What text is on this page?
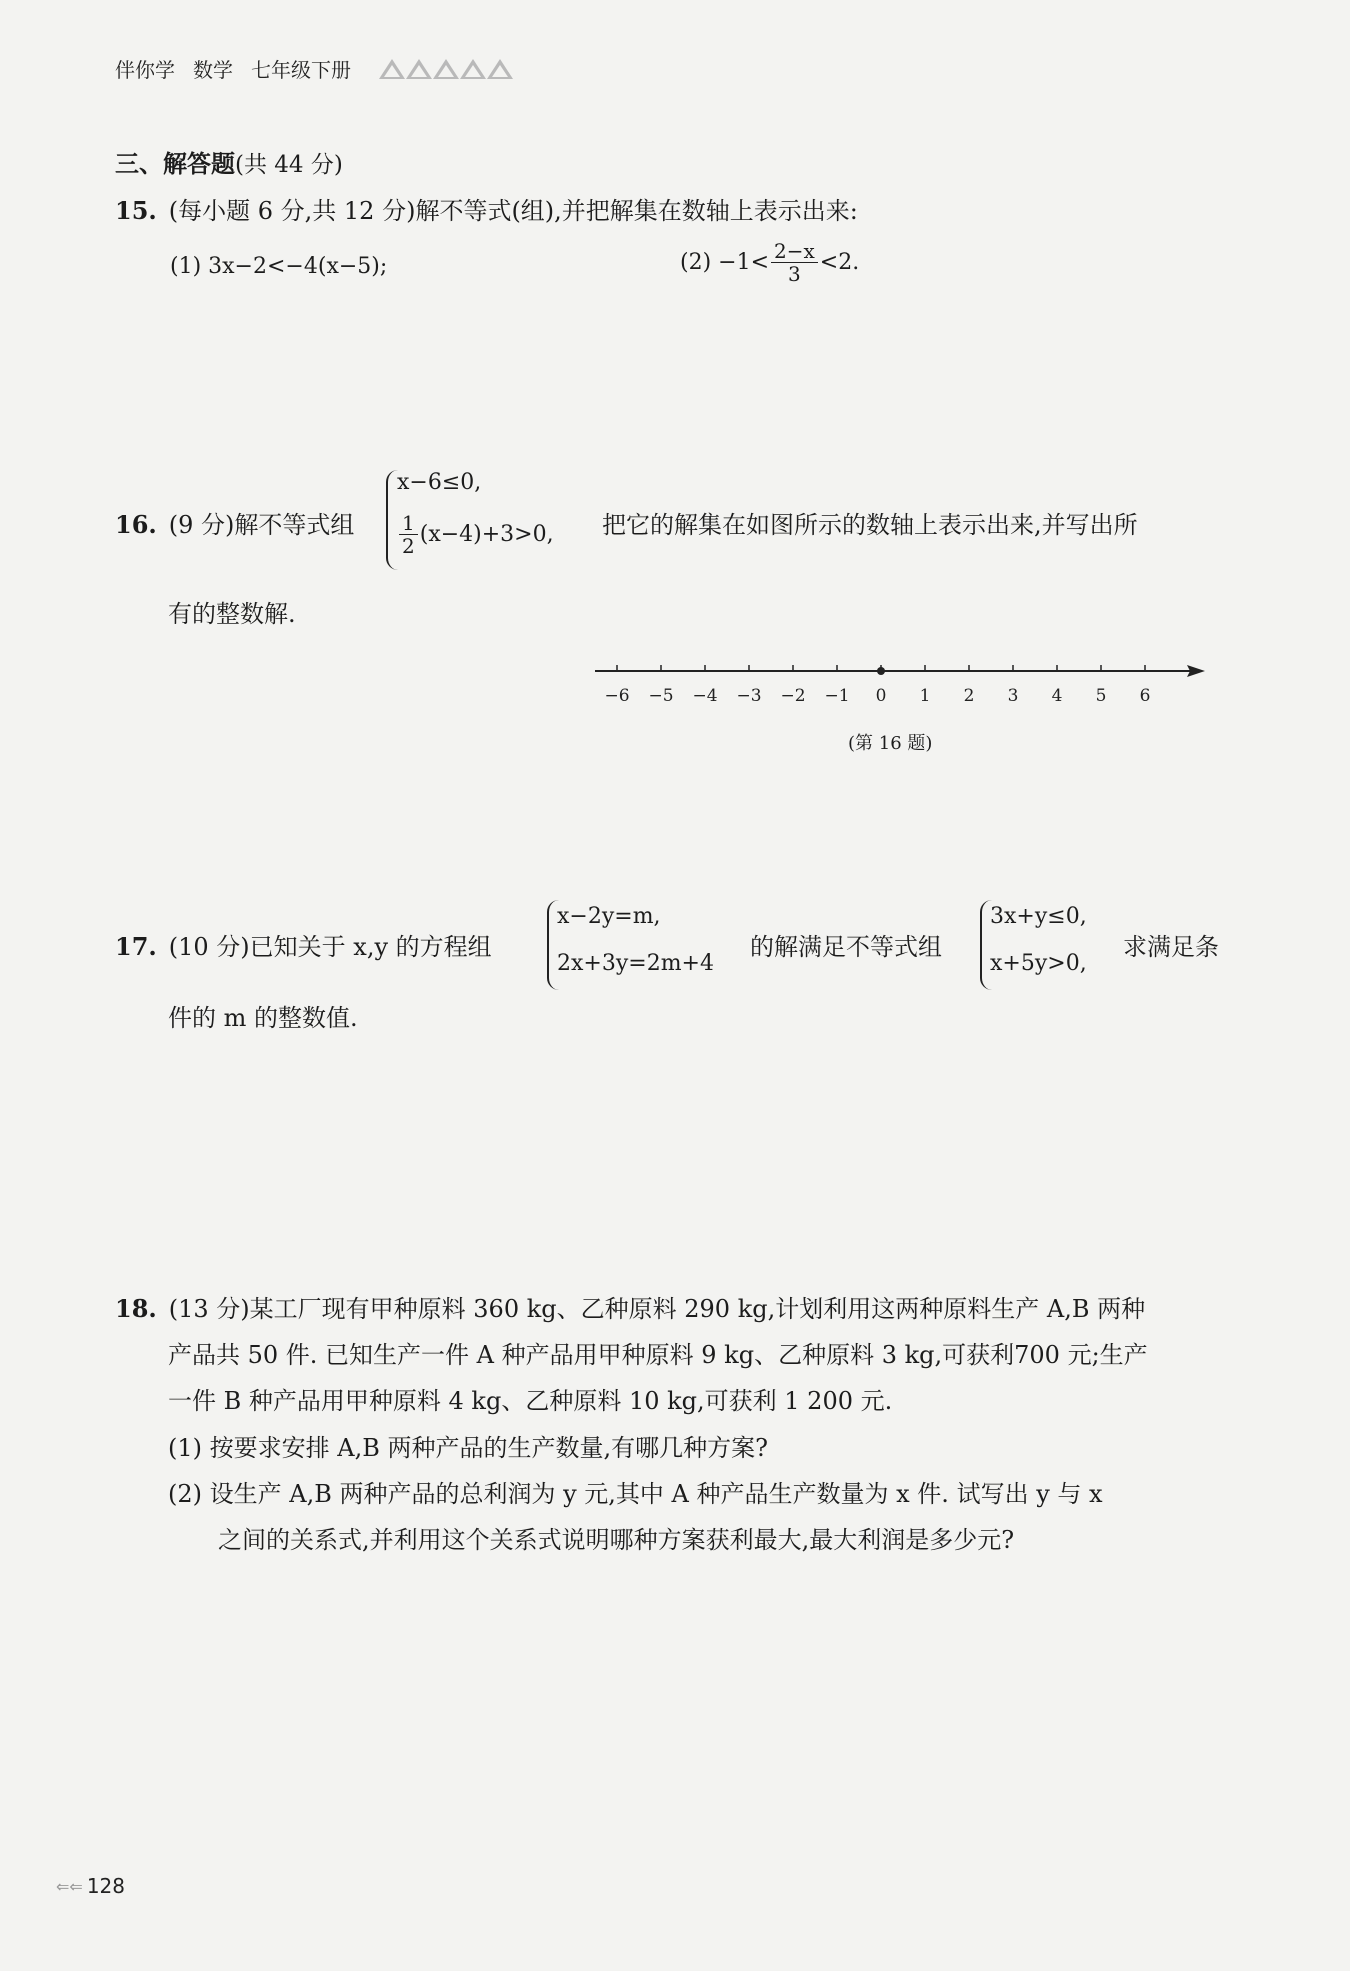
伴你学 数学 七年级下册
三、解答题(共 44 分)
15. (每小题 6 分,共 12 分)解不等式(组),并把解集在数轴上表示出来:
(1) 3x−2<−4(x−5);	$(2) -1< \frac{2-x}{3} <2$.
16. (9 分)解不等式组
x−6≤0,
$\frac{1}{2} (x-4)+3>0$, 把它的解集在如图所示的数轴上表示出来,并写出所
有的整数解.
−6 −5 −4 −3 −2 −1 0 1 2 3 4 5 6
(第 16 题)
17. (10 分)已知关于 x,y 的方程组
x−2y=m,
2x+3y=2m+4
的解满足不等式组
3x+y≤0,
x+5y>0,
求满足条
件的 m 的整数值.
18. (13 分)某工厂现有甲种原料 360 kg、乙种原料 290 kg,计划利用这两种原料生产 A,B 两种
产品共 50 件. 已知生产一件 A 种产品用甲种原料 9 kg、乙种原料 3 kg,可获利700 元;生产
一件 B 种产品用甲种原料 4 kg、乙种原料 10 kg,可获利 1 200 元.
(1) 按要求安排 A,B 两种产品的生产数量,有哪几种方案?
(2) 设生产 A,B 两种产品的总利润为 y 元,其中 A 种产品生产数量为 x 件. 试写出 y 与 x
之间的关系式,并利用这个关系式说明哪种方案获利最大,最大利润是多少元?
⇐⇐ 128
